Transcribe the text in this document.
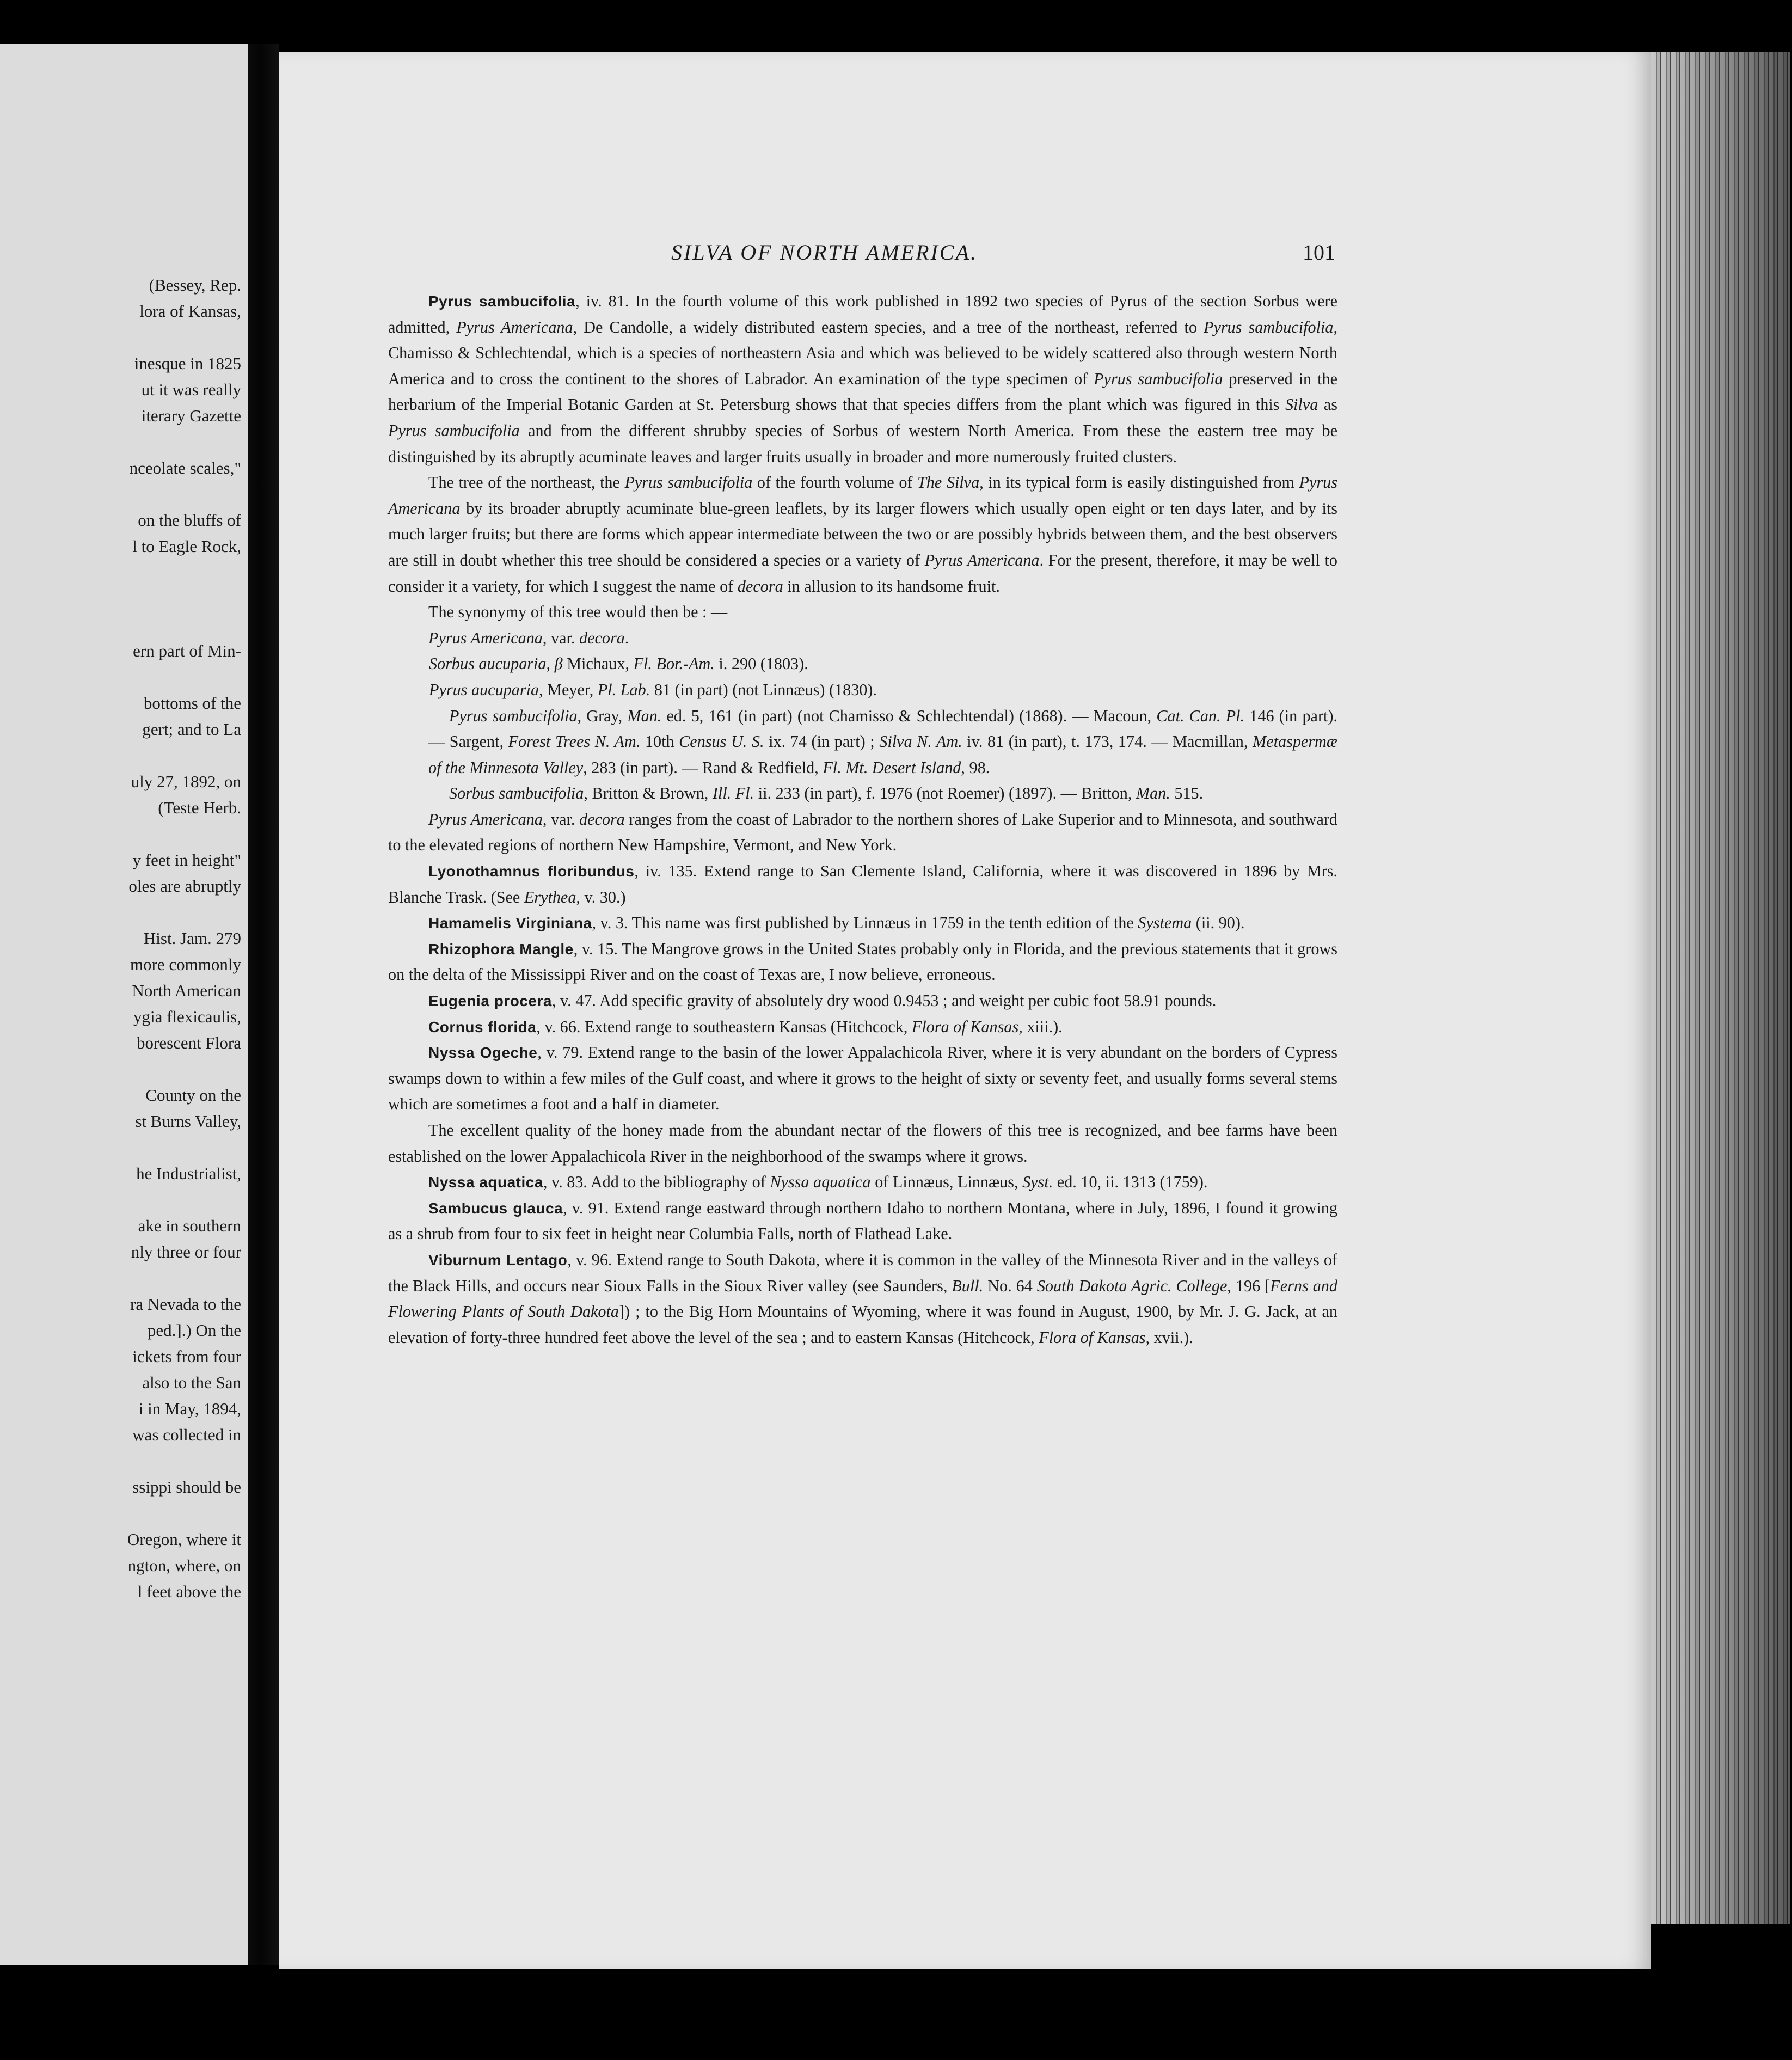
(Bessey, Rep.
lora of Kansas,
inesque in 1825
ut it was really
iterary Gazette
nceolate scales,"
on the bluffs of
l to Eagle Rock,
ern part of Min-
bottoms of the
gert; and to La
uly 27, 1892, on
(Teste Herb.
y feet in height"
oles are abruptly
Hist. Jam. 279
more commonly
North American
ygia flexicaulis,
borescent Flora
County on the
st Burns Valley,
he Industrialist,
ake in southern
nly three or four
ra Nevada to the
ped.].) On the
ickets from four
also to the San
i in May, 1894,
was collected in
ssippi should be
Oregon, where it
ngton, where, on
l feet above the
SILVA OF NORTH AMERICA.	101

Pyrus sambucifolia, iv. 81. In the fourth volume of this work published in 1892 two species of Pyrus of the section Sorbus were admitted, Pyrus Americana, De Candolle, a widely distributed eastern species, and a tree of the northeast, referred to Pyrus sambucifolia, Chamisso & Schlechtendal, which is a species of northeastern Asia and which was believed to be widely scattered also through western North America and to cross the continent to the shores of Labrador. An examination of the type specimen of Pyrus sambucifolia preserved in the herbarium of the Imperial Botanic Garden at St. Petersburg shows that that species differs from the plant which was figured in this Silva as Pyrus sambucifolia and from the different shrubby species of Sorbus of western North America. From these the eastern tree may be distinguished by its abruptly acuminate leaves and larger fruits usually in broader and more numerously fruited clusters.

The tree of the northeast, the Pyrus sambucifolia of the fourth volume of The Silva, in its typical form is easily distinguished from Pyrus Americana by its broader abruptly acuminate blue-green leaflets, by its larger flowers which usually open eight or ten days later, and by its much larger fruits; but there are forms which appear intermediate between the two or are possibly hybrids between them, and the best observers are still in doubt whether this tree should be considered a species or a variety of Pyrus Americana. For the present, therefore, it may be well to consider it a variety, for which I suggest the name of decora in allusion to its handsome fruit.

The synonymy of this tree would then be : —

Pyrus Americana, var. decora.

Sorbus aucuparia, β Michaux, Fl. Bor.-Am. i. 290 (1803).

Pyrus aucuparia, Meyer, Pl. Lab. 81 (in part) (not Linnæus) (1830).

Pyrus sambucifolia, Gray, Man. ed. 5, 161 (in part) (not Chamisso & Schlechtendal) (1868). — Macoun, Cat. Can. Pl. 146 (in part). — Sargent, Forest Trees N. Am. 10th Census U. S. ix. 74 (in part) ; Silva N. Am. iv. 81 (in part), t. 173, 174. — Macmillan, Metaspermæ of the Minnesota Valley, 283 (in part). — Rand & Redfield, Fl. Mt. Desert Island, 98.

Sorbus sambucifolia, Britton & Brown, Ill. Fl. ii. 233 (in part), f. 1976 (not Roemer) (1897). — Britton, Man. 515.

Pyrus Americana, var. decora ranges from the coast of Labrador to the northern shores of Lake Superior and to Minnesota, and southward to the elevated regions of northern New Hampshire, Vermont, and New York.

Lyonothamnus floribundus, iv. 135. Extend range to San Clemente Island, California, where it was discovered in 1896 by Mrs. Blanche Trask. (See Erythea, v. 30.)

Hamamelis Virginiana, v. 3. This name was first published by Linnæus in 1759 in the tenth edition of the Systema (ii. 90).

Rhizophora Mangle, v. 15. The Mangrove grows in the United States probably only in Florida, and the previous statements that it grows on the delta of the Mississippi River and on the coast of Texas are, I now believe, erroneous.

Eugenia procera, v. 47. Add specific gravity of absolutely dry wood 0.9453 ; and weight per cubic foot 58.91 pounds.

Cornus florida, v. 66. Extend range to southeastern Kansas (Hitchcock, Flora of Kansas, xiii.).

Nyssa Ogeche, v. 79. Extend range to the basin of the lower Appalachicola River, where it is very abundant on the borders of Cypress swamps down to within a few miles of the Gulf coast, and where it grows to the height of sixty or seventy feet, and usually forms several stems which are sometimes a foot and a half in diameter.

The excellent quality of the honey made from the abundant nectar of the flowers of this tree is recognized, and bee farms have been established on the lower Appalachicola River in the neighborhood of the swamps where it grows.

Nyssa aquatica, v. 83. Add to the bibliography of Nyssa aquatica of Linnæus, Linnæus, Syst. ed. 10, ii. 1313 (1759).

Sambucus glauca, v. 91. Extend range eastward through northern Idaho to northern Montana, where in July, 1896, I found it growing as a shrub from four to six feet in height near Columbia Falls, north of Flathead Lake.

Viburnum Lentago, v. 96. Extend range to South Dakota, where it is common in the valley of the Minnesota River and in the valleys of the Black Hills, and occurs near Sioux Falls in the Sioux River valley (see Saunders, Bull. No. 64 South Dakota Agric. College, 196 [Ferns and Flowering Plants of South Dakota]) ; to the Big Horn Mountains of Wyoming, where it was found in August, 1900, by Mr. J. G. Jack, at an elevation of forty-three hundred feet above the level of the sea ; and to eastern Kansas (Hitchcock, Flora of Kansas, xvii.).
